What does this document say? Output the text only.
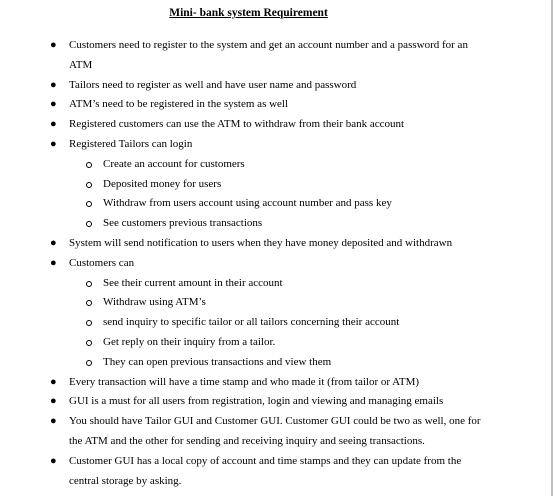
Mini- bank system Requirement
● Customers need to register to the system and get an account number and a password for an ATM
● Tailors need to register as well and have user name and password
● ATM’s need to be registered in the system as well
● Registered customers can use the ATM to withdraw from their bank account
● Registered Tailors can login
Create an account for customers
Deposited money for users
Withdraw from users account using account number and pass key
See customers previous transactions
● System will send notification to users when they have money deposited and withdrawn
● Customers can
See their current amount in their account
Withdraw using ATM’s
send inquiry to specific tailor or all tailors concerning their account
Get reply on their inquiry from a tailor.
They can open previous transactions and view them
● Every transaction will have a time stamp and who made it (from tailor or ATM)
● GUI is a must for all users from registration, login and viewing and managing emails
● You should have Tailor GUI and Customer GUI. Customer GUI could be two as well, one for the ATM and the other for sending and receiving inquiry and seeing transactions.
● Customer GUI has a local copy of account and time stamps and they can update from the central storage by asking.
